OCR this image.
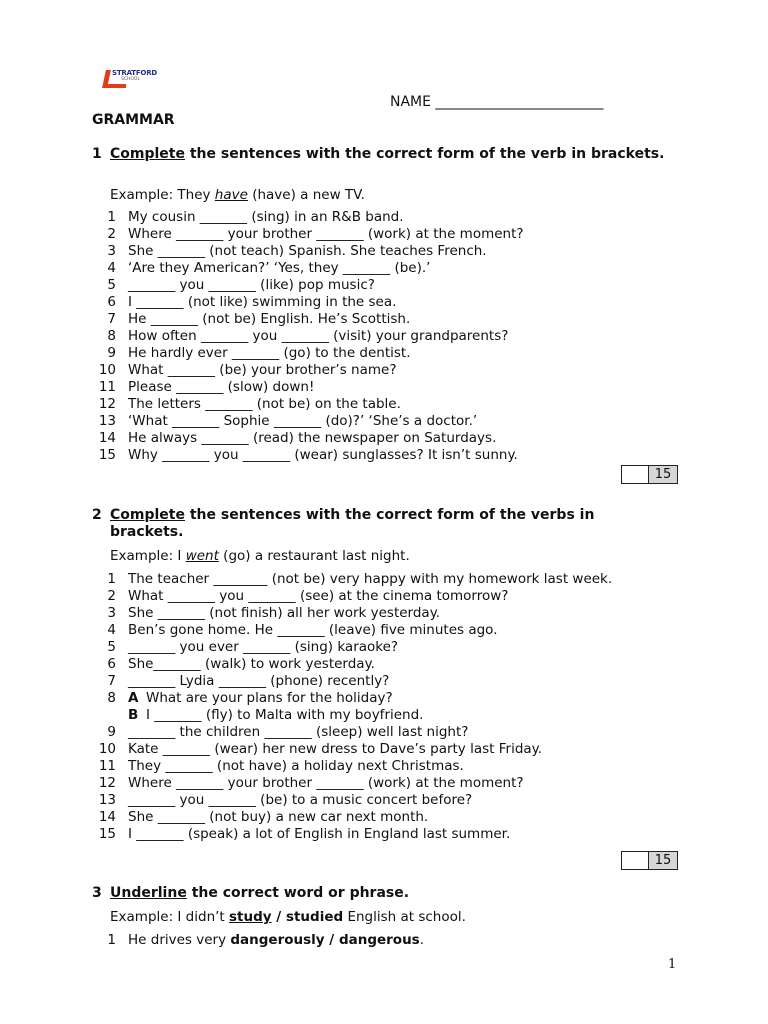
STRATFORD
SCHOOL
NAME ________________________
GRAMMAR
1 Complete the sentences with the correct form of the verb in brackets.
Example: They have (have) a new TV.
1 My cousin _______ (sing) in an R&B band.
2 Where _______ your brother _______ (work) at the moment?
3 She _______ (not teach) Spanish. She teaches French.
4 ‘Are they American?’ ‘Yes, they _______ (be).’
5 _______ you _______ (like) pop music?
6 I _______ (not like) swimming in the sea.
7 He _______ (not be) English. He’s Scottish.
8 How often _______ you _______ (visit) your grandparents?
9 He hardly ever _______ (go) to the dentist.
10 What _______ (be) your brother’s name?
11 Please _______ (slow) down!
12 The letters _______ (not be) on the table.
13 ‘What _______ Sophie _______ (do)?’ ‘She’s a doctor.’
14 He always _______ (read) the newspaper on Saturdays.
15 Why _______ you _______ (wear) sunglasses? It isn’t sunny.
15
2 Complete the sentences with the correct form of the verbs in brackets.
Example: I went (go) a restaurant last night.
1 The teacher ________ (not be) very happy with my homework last week.
2 What _______ you _______ (see) at the cinema tomorrow?
3 She _______ (not finish) all her work yesterday.
4 Ben’s gone home. He _______ (leave) five minutes ago.
5 _______ you ever _______ (sing) karaoke?
6 She_______ (walk) to work yesterday.
7 _______ Lydia _______ (phone) recently?
8 A What are your plans for the holiday?
B I _______ (fly) to Malta with my boyfriend.
9 _______ the children _______ (sleep) well last night?
10 Kate _______ (wear) her new dress to Dave’s party last Friday.
11 They _______ (not have) a holiday next Christmas.
12 Where _______ your brother _______ (work) at the moment?
13 _______ you _______ (be) to a music concert before?
14 She _______ (not buy) a new car next month.
15 I _______ (speak) a lot of English in England last summer.
15
3 Underline the correct word or phrase.
Example: I didn’t study / studied English at school.
1 He drives very dangerously / dangerous.
1
